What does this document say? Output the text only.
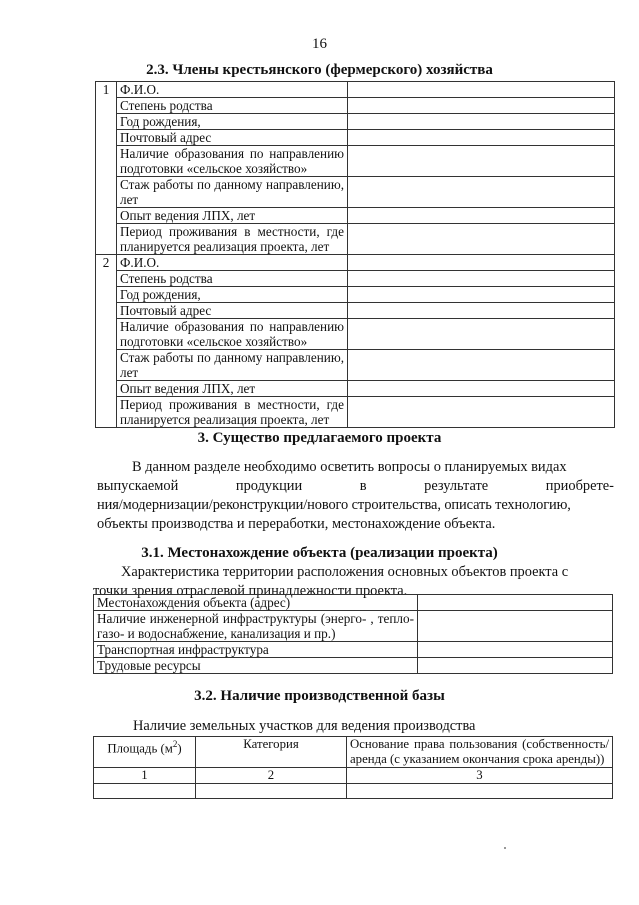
16
2.3. Члены крестьянского (фермерского) хозяйства
1	Ф.И.О.	
	Степень родства	
	Год рождения,	
	Почтовый адрес	
	Наличие образования по направлению подготовки «сельское хозяйство»	
	Стаж работы по данному направлению, лет	
	Опыт ведения ЛПХ, лет	
	Период проживания в местности, где планируется реализация проекта, лет	
2	Ф.И.О.	
	Степень родства	
	Год рождения,	
	Почтовый адрес	
	Наличие образования по направлению подготовки «сельское хозяйство»	
	Стаж работы по данному направлению, лет	
	Опыт ведения ЛПХ, лет	
	Период проживания в местности, где планируется реализация проекта, лет	
3. Существо предлагаемого проекта

В данном разделе необходимо осветить вопросы о планируемых видах

выпускаемой	продукции	в	результате	приобрете-

ния/модернизации/реконструкции/нового строительства, описать технологию,

объекты производства и переработки, местонахождение объекта.

3.1. Местонахождение объекта (реализации проекта)

Характеристика территории расположения основных объектов проекта с

точки зрения отраслевой принадлежности проекта.

Местонахождения объекта (адрес)	
Наличие инженерной инфраструктуры (энерго- , тепло-газо- и водоснабжение, канализация и пр.)	
Транспортная инфраструктура	
Трудовые ресурсы	
3.2. Наличие производственной базы
Наличие земельных участков для ведения производства
Площадь $(м^2)$	Категория	Основание права пользования (собственность/аренда (с указанием окончания срока аренды))
1	2	3
